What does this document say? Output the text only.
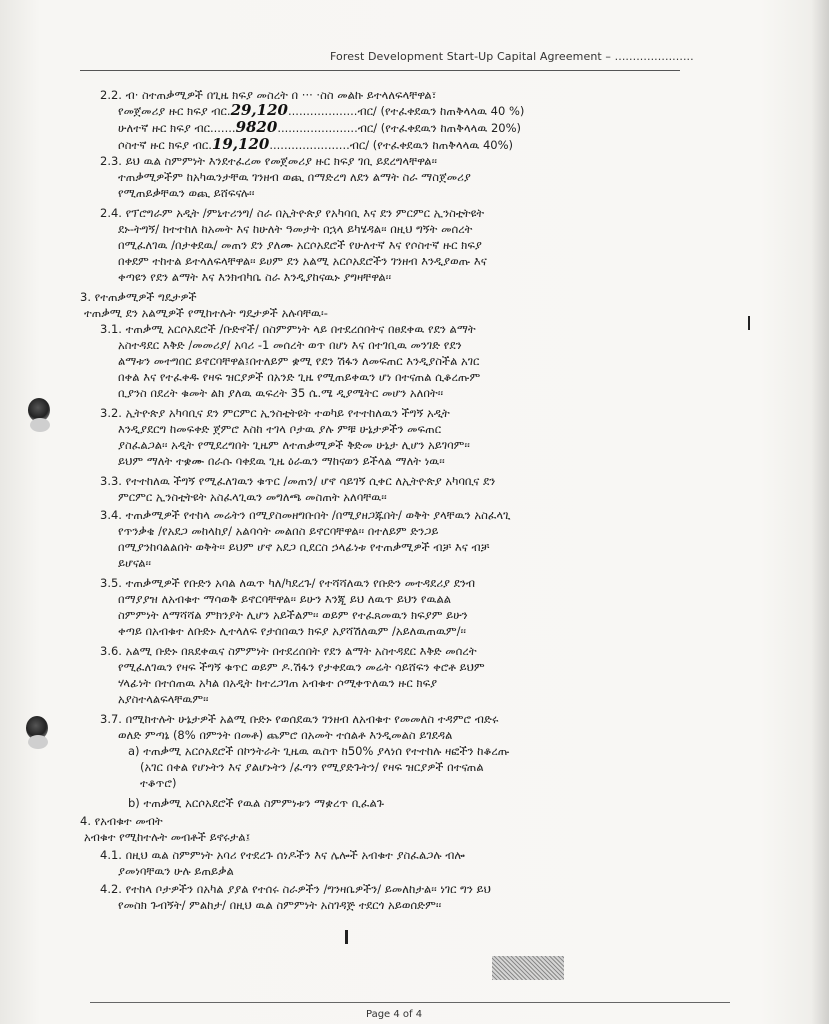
Forest Development Start-Up Capital Agreement – ......................
2.2. ብ· ስተጠቃሚዎች በጊዜ ክፍያ መስረት በ ··· ·ስስ መልኩ ይተላለፍላቸዋል፣
የመጀመሪያ ዙር ክፍያ ብር.29,120...................ብር/ (የተፈቀደዉን ከጠቅላላዉ 40 %)
ሁለተኛ ዙር ክፍያ ብር.......9820......................ብር/ (የተፈቀደዉን ከጠቅላላዉ 20%)
ሶስተኛ ዙር ክፍያ ብር.19,120......................ብር/ (የተፈቀደዉን ከጠቅላላዉ 40%)
2.3. ይህ ዉል ስምምነት እንደተፈረመ የመጀመሪያ ዙር ክፍያ ገቢ ይደረግላቸዋል፡፡
ተጠቃሚዎችም ከአካዉንታቸዉ ገንዘብ ወጪ በማድረግ ለደን ልማት ስራ ማስጀመሪያ
የሚጠይቃቸዉን ወጪ ይሸፍናሉ፡፡
2.4. የፕሮግራም አዲት /ምኒተሪንግ/ ስራ በኢትዮጵያ የአካባቢ እና ደን ምርምር ኢንስቲትዩት
ደኑ-ትግኝ/ ከተተከለ ከአመት እና ከሁለት ዓመታት በኋላ ይካሄዳል፡፡ በዚህ ግኝት መሰረት
በሚፈለገዉ /በታቀደዉ/ መጠን ደን ያለሙ አርሶአደሮች የሁለተኛ እና የሶስተኛ ዙር ክፍያ
በቀደም ተከተል ይተላለፍላቸዋል፡፡ ይሀም ደን አልሚ አርሶአደሮችን ገንዘብ እንዲያወጡ እና
ቀጣዩን የደን ልማት እና እንክብካቤ ስራ እንዲያከናዉኑ ያግዛቸዋል፡፡
3. የተጠቃሚዎች ግዴታዎች
ተጠቃሚ ደን አልሚዎች የሚከተሉት ግዴታዎች አሉባቸዉ፡-
3.1. ተጠቃሚ አርሶአደሮች /ቡድኖች/ በስምምነት ላይ በተደረሰበትና በፀደቀዉ የደን ልማት
አስተዳደር እቅድ /መመሪያ/ አባሪ -1 መሰረት ወጥ በሆነ እና በተገቢዉ መንገድ የደን
ልማቱን መተግበር ይኖርባቸዋል፤በተለይም ቋሚ የደን ሽፋን ለመፍጠር እንዲያስችል አገር
በቀል እና የተፈቀዱ የዛፍ ዝርያዎች በአንድ ጊዜ የሚጠይቀዉን ሆነ በተናጠል ሲቆረጡም
ቢያንስ በደረት ቁመት ልክ ያለዉ ዉፍረት 35 ሴ.ሜ ዲያሜትር መሆን አለበት፡፡
3.2. ኢትዮጵያ አካባቢና ደን ምርምር ኢንስቲትዩት ተወካይ የተተከለዉን ችግኝ አዲት
እንዲያደርግ ከመፍቀድ ጀምሮ እስከ ተገላ ቦታዉ ያሉ ምቹ ሁኔታዎችን መፍጠር
ያስፈልጋል፡፡ አዲት የሚደረግበት ጊዜም ለተጠቃሚዎች ቅድመ ሁኔታ ሊሆን አይገባም፡፡
ይህም ማለት ተቋሙ በራሱ ባቀደዉ ጊዜ ዕራዉን ማከናወን ይችላል ማለት ነዉ፡፡
3.3. የተተከለዉ ችግኝ የሚፈለገዉን ቁጥር /መጠን/ ሆኖ ሳይገኝ ሲቀር ለኢትዮጵያ አካባቢና ደን
ምርምር ኢንስቲትዩት አስፈላጊዉን መግለጫ መስጠት አለባቸዉ፡፡
3.4. ተጠቃሚዎች የተከላ መሬትን በሚያስመዘግቡበት /በሚያዘጋጁበት/ ወቅት ያላቸዉን አስፈላጊ
የጥንቃቄ /የአደጋ መከላከያ/ አልባሳት መልበስ ይኖርባቸዋል፡፡ በተለይም ድንጋይ
በሚያንከባልልበት ወቅት፡፡ ይህም ሆኖ አደጋ ቢደርስ ኃላፊነቱ የተጠቃሚዎች ብቻ እና ብቻ
ይሆናል፡፡
3.5. ተጠቃሚዎች የቡድን አባል ለዉጥ ካለ/ካደረጉ/ የተሻሻለዉን የቡድን መተዳደሪያ ደንብ
በማያያዝ ለአብቁተ ማሳወቅ ይኖርባቸዋል፡፡ ይሁን እንጂ ይህ ለዉጥ ይህን የዉልል
ስምምነት ለማሻሻል ምክንያት ሊሆን አይችልም፡፡ ወይም የተፈጸመዉን ክፍያም ይሁን
ቀጣይ በአብቁተ ለቡድኑ ሊተላለፍ የታሰበዉን ክፍያ አያሻሽለዉም /አይለዉጠዉም/፡፡
3.6. አልሚ ቡድኑ በጸደቀዉና ስምምነት በተደረሰበት የደን ልማት አስተዳደር እቅድ መሰረት
የሚፈለገዉን የዛፍ ችግኝ ቁጥር ወይም ዶ.ሽፋን የታቀደዉን መሬት ሳይሸፍን ቀሮቶ ይህም
ሃላፊነት በተሰጠዉ አካል በአዲት ከተረጋገጠ አብቁተ ሶሚቀጥለዉን ዙር ክፍያ
አያስተላልፍላቸዉም፡፡
3.7. በሚከተሉት ሁኔታዎች አልሚ ቡድኑ የወሰደዉን ገንዘብ ለአብቁተ የመመለስ ተዳምሮ ብድሩ
ወለድ ምጣኔ (8% በምንት በመቶ) ጨምሮ በአመት ተሰልቶ እንዲመልስ ይገደዳል
a) ተጠቃሚ አርሶአደሮች በኮንትራት ጊዜዉ ዉስጥ ከ50% ያላነሰ የተተከሉ ዛፎችን ከቆረጡ
(አገር በቀል የሆኑትን እና ያልሆኑትን /ፈጣን የሚያድጉትን/ የዛፍ ዝርያዎች በተናጠል
ተቆጥሮ)
b) ተጠቃሚ አርሶአደሮች የዉል ስምምነቱን ማቋረጥ ቢፈልጉ
4. የአብቁተ መብት
አብቁተ የሚከተሉት መብቶች ይኖሩታል፤
4.1. በዚህ ዉል ስምምነት አባሪ የተደረጉ ሰነዶችን እና ሌሎች አብቁተ ያስፈልጋሉ ብሎ
ያመነባቸዉን ሁሉ ይጠይቃል
4.2. የተከላ ቦታዎችን በአካል ያያል የተሰሩ ስራዎችን /ግንዛቤዎችን/ ይመለከታል፡፡ ነገር ግን ይህ
የመስክ ጉብኝት/ ምልከታ/ በዚህ ዉል ስምምነት አስገዳጅ ተደርጎ አይወሰድም፡፡
Page 4 of 4
